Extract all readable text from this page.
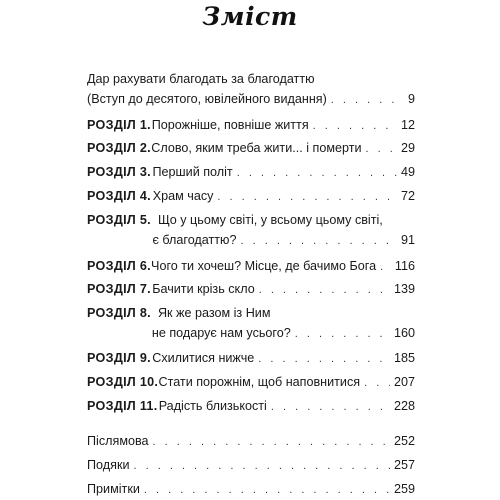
Зміст
Дар рахувати благодать за благодаттю
(Вступ до десятого, ювілейного видання) . . .	9
РОЗДІЛ 1. Порожніше, повніше життя . . .	12
РОЗДІЛ 2. Слово, яким треба жити... і померти . . .	29
РОЗДІЛ 3. Перший політ . . .	49
РОЗДІЛ 4. Храм часу . . .	72
РОЗДІЛ 5. Що у цьому світі, у всьому цьому світі,
є благодаттю? . . .	91
РОЗДІЛ 6. Чого ти хочеш? Місце, де бачимо Бога . . . 116
РОЗДІЛ 7. Бачити крізь скло . . .	139
РОЗДІЛ 8. Як же разом із Ним
не подарує нам усього? . . .	160
РОЗДІЛ 9. Схилитися нижче . . .	185
РОЗДІЛ 10. Стати порожнім, щоб наповнитися . . .	207
РОЗДІЛ 11. Радість близькості . . .	228
Післямова . . .	252
Подяки . . .	257
Примітки . . .	259
